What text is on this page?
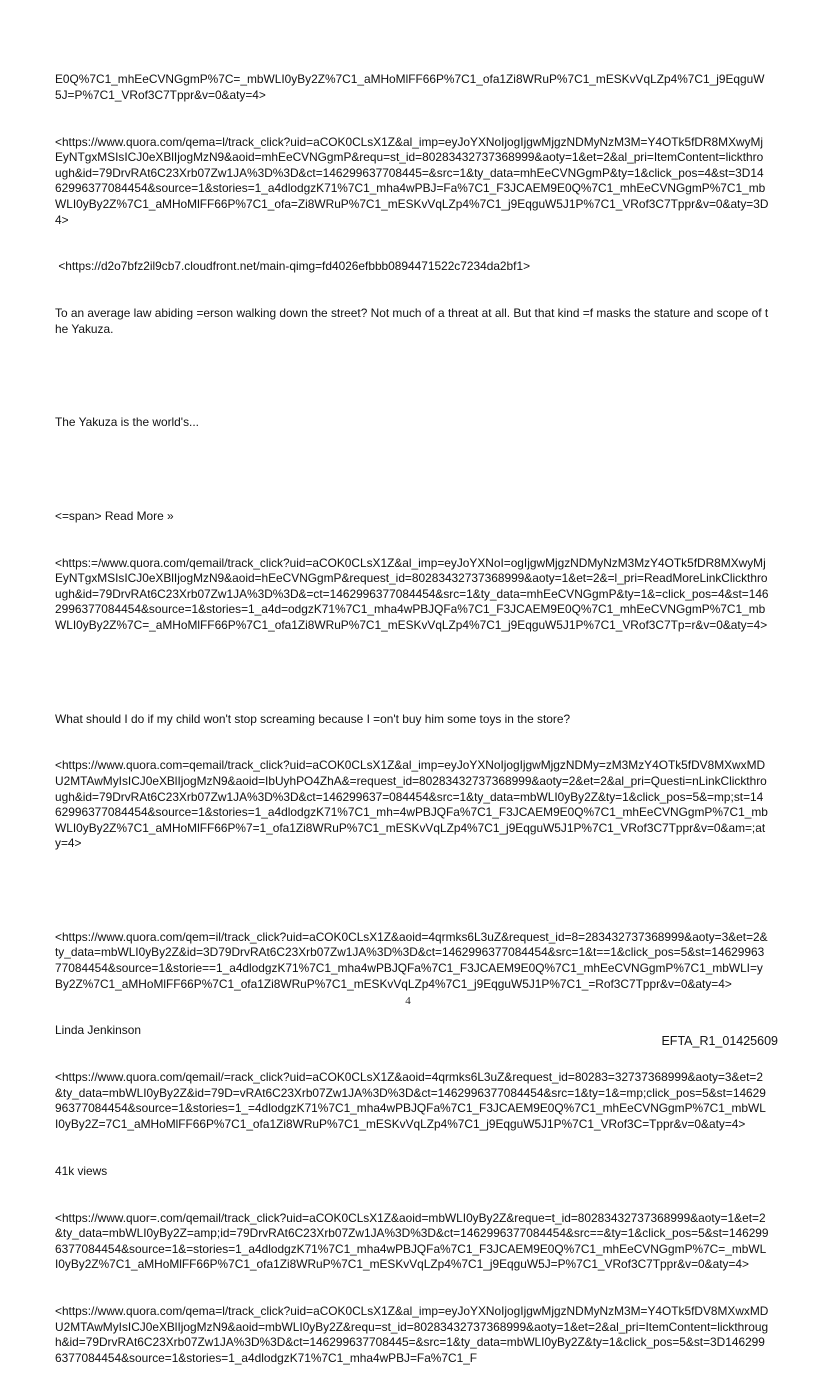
E0Q%7C1_mhEeCVNGgmP%7C=_mbWLI0yBy2Z%7C1_aMHoMlFF66P%7C1_ofa1Zi8WRuP%7C1_mESKvVqLZp4%7C1_j9EqguW5J=P%7C1_VRof3C7Tppr&v=0&aty=4>

<https://www.quora.com/qema=l/track_click?uid=aCOK0CLsX1Z&al_imp=eyJoYXNoIjogIjgwMjgzNDMyNzM3M=Y4OTk5fDR8MXwyMjEyNTgxMSIsICJ0eXBlIjogMzN9&aoid=mhEeCVNGgmP&requ=st_id=80283432737368999&aoty=1&et=2&al_pri=ItemContent=lickthrough&id=79DrvRAt6C23Xrb07Zw1JA%3D%3D&ct=146299637708445=&src=1&ty_data=mhEeCVNGgmP&ty=1&click_pos=4&st=3D1462996377084454&source=1&stories=1_a4dlodgzK71%7C1_mha4wPBJ=Fa%7C1_F3JCAEM9E0Q%7C1_mhEeCVNGgmP%7C1_mbWLI0yBy2Z%7C1_aMHoMlFF66P%7C1_ofa=Zi8WRuP%7C1_mESKvVqLZp4%7C1_j9EqguW5J1P%7C1_VRof3C7Tppr&v=0&aty=3D4>

<https://d2o7bfz2il9cb7.cloudfront.net/main-qimg=fd4026efbbb0894471522c7234da2bf1>

To an average law abiding =erson walking down the street? Not much of a threat at all. But that kind =f masks the stature and scope of the Yakuza.

The Yakuza is the world's...

<=span> Read More »

<https:=/www.quora.com/qemail/track_click?uid=aCOK0CLsX1Z&al_imp=eyJoYXNoI=ogIjgwMjgzNDMyNzM3MzY4OTk5fDR8MXwyMjEyNTgxMSIsICJ0eXBlIjogMzN9&aoid=hEeCVNGgmP&request_id=80283432737368999&aoty=1&et=2&=l_pri=ReadMoreLinkClickthrough&id=79DrvRAt6C23Xrb07Zw1JA%3D%3D&=ct=1462996377084454&src=1&ty_data=mhEeCVNGgmP&ty=1&=click_pos=4&st=1462996377084454&source=1&stories=1_a4d=odgzK71%7C1_mha4wPBJQFa%7C1_F3JCAEM9E0Q%7C1_mhEeCVNGgmP%7C1_mbWLI0yBy2Z%7C=_aMHoMlFF66P%7C1_ofa1Zi8WRuP%7C1_mESKvVqLZp4%7C1_j9EqguW5J1P%7C1_VRof3C7Tp=r&v=0&aty=4>

What should I do if my child won't stop screaming because I =on't buy him some toys in the store?

<https://www.quora.com=qemail/track_click?uid=aCOK0CLsX1Z&al_imp=eyJoYXNoIjogIjgwMjgzNDMy=zM3MzY4OTk5fDV8MXwxMDU2MTAwMyIsICJ0eXBlIjogMzN9&aoid=IbUyhPO4ZhA&=request_id=80283432737368999&aoty=2&et=2&al_pri=Questi=nLinkClickthrough&id=79DrvRAt6C23Xrb07Zw1JA%3D%3D&ct=146299637=084454&src=1&ty_data=mbWLI0yBy2Z&ty=1&click_pos=5&=mp;st=1462996377084454&source=1&stories=1_a4dlodgzK71%7C1_mh=4wPBJQFa%7C1_F3JCAEM9E0Q%7C1_mhEeCVNGgmP%7C1_mbWLI0yBy2Z%7C1_aMHoMlFF66P%7=1_ofa1Zi8WRuP%7C1_mESKvVqLZp4%7C1_j9EqguW5J1P%7C1_VRof3C7Tppr&v=0&am=;aty=4>

<https://www.quora.com/qem=il/track_click?uid=aCOK0CLsX1Z&aoid=4qrmks6L3uZ&request_id=8=283432737368999&aoty=3&et=2&ty_data=mbWLI0yBy2Z&id=3D79DrvRAt6C23Xrb07Zw1JA%3D%3D&ct=1462996377084454&src=1&t==1&click_pos=5&st=1462996377084454&source=1&storie==1_a4dlodgzK71%7C1_mha4wPBJQFa%7C1_F3JCAEM9E0Q%7C1_mhEeCVNGgmP%7C1_mbWLI=yBy2Z%7C1_aMHoMlFF66P%7C1_ofa1Zi8WRuP%7C1_mESKvVqLZp4%7C1_j9EqguW5J1P%7C1_=Rof3C7Tppr&v=0&aty=4>

Linda Jenkinson

<https://www.quora.com/qemail/=rack_click?uid=aCOK0CLsX1Z&aoid=4qrmks6L3uZ&request_id=80283=32737368999&aoty=3&et=2&ty_data=mbWLI0yBy2Z&id=79D=vRAt6C23Xrb07Zw1JA%3D%3D&ct=1462996377084454&src=1&ty=1&=mp;click_pos=5&st=1462996377084454&source=1&stories=1_=4dlodgzK71%7C1_mha4wPBJQFa%7C1_F3JCAEM9E0Q%7C1_mhEeCVNGgmP%7C1_mbWLI0yBy2Z=7C1_aMHoMlFF66P%7C1_ofa1Zi8WRuP%7C1_mESKvVqLZp4%7C1_j9EqguW5J1P%7C1_VRof3C=Tppr&v=0&aty=4>

41k views

<https://www.quor=.com/qemail/track_click?uid=aCOK0CLsX1Z&aoid=mbWLI0yBy2Z&reque=t_id=80283432737368999&aoty=1&et=2&ty_data=mbWLI0yBy2Z=amp;id=79DrvRAt6C23Xrb07Zw1JA%3D%3D&ct=1462996377084454&src==&ty=1&click_pos=5&st=1462996377084454&source=1&=stories=1_a4dlodgzK71%7C1_mha4wPBJQFa%7C1_F3JCAEM9E0Q%7C1_mhEeCVNGgmP%7C=_mbWLI0yBy2Z%7C1_aMHoMlFF66P%7C1_ofa1Zi8WRuP%7C1_mESKvVqLZp4%7C1_j9EqguW5J=P%7C1_VRof3C7Tppr&v=0&aty=4>

<https://www.quora.com/qema=l/track_click?uid=aCOK0CLsX1Z&al_imp=eyJoYXNoIjogIjgwMjgzNDMyNzM3M=Y4OTk5fDV8MXwxMDU2MTAwMyIsICJ0eXBlIjogMzN9&aoid=mbWLI0yBy2Z&requ=st_id=80283432737368999&aoty=1&et=2&al_pri=ItemContent=lickthrough&id=79DrvRAt6C23Xrb07Zw1JA%3D%3D&ct=146299637708445=&src=1&ty_data=mbWLI0yBy2Z&ty=1&click_pos=5&st=3D1462996377084454&source=1&stories=1_a4dlodgzK71%7C1_mha4wPBJ=Fa%7C1_F

4
EFTA_R1_01425609
